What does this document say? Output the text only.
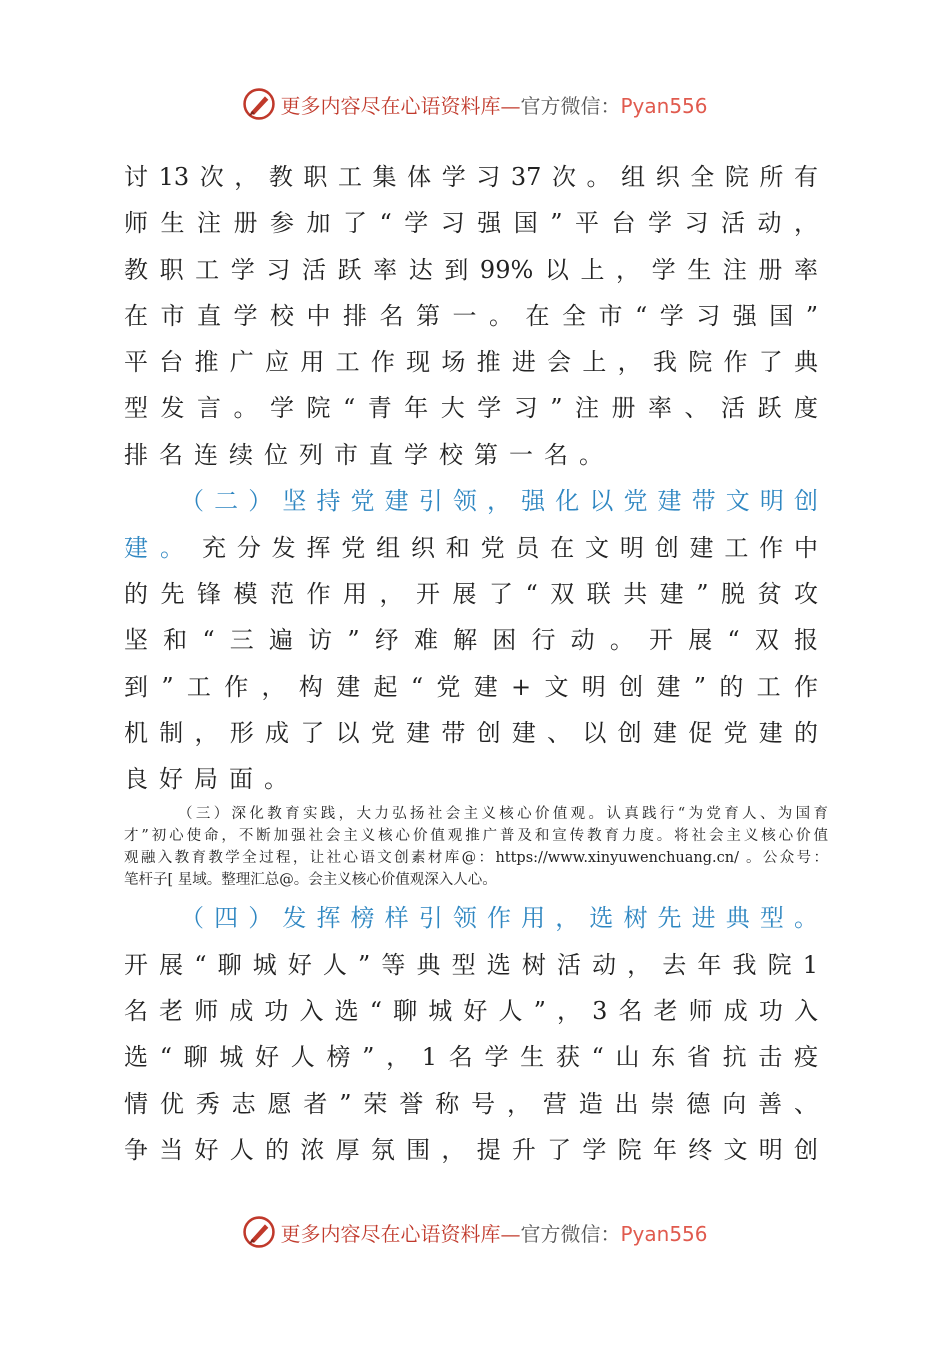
更多内容尽在心语资料库—官方微信：Pyan556
讨13次，教职工集体学习37次。组织全院所有
师生注册参加了“学习强国”平台学习活动，
教职工学习活跃率达到99%以上，学生注册率
在市直学校中排名第一。在全市“学习强国”
平台推广应用工作现场推进会上，我院作了典
型发言。学院“青年大学习”注册率、活跃度
排名连续位列市直学校第一名。
（二）坚持党建引领，强化以党建带文明创
建。 充分发挥党组织和党员在文明创建工作中
的先锋模范作用，开展了“双联共建”脱贫攻
坚和“三遍访”纾难解困行动。开展“双报
到”工作，构建起“党建+文明创建”的工作
机制，形成了以党建带创建、以创建促党建的
良好局面。
（三）深化教育实践，大力弘扬社会主义核心价值观。认真践行“为党育人、为国育
才”初心使命，不断加强社会主义核心价值观推广普及和宣传教育力度。将社会主义核心价值
观融入教育教学全过程，让社心语文创素材库@：https://www.xinyuwenchuang.cn/ 。公众号：
笔杆子[ 星域。整理汇总@。会主义核心价值观深入人心。
（四）发挥榜样引领作用，选树先进典型。
开展“聊城好人”等典型选树活动，去年我院1
名老师成功入选“聊城好人”，3名老师成功入
选“聊城好人榜”，1名学生获“山东省抗击疫
情优秀志愿者”荣誉称号，营造出崇德向善、
争当好人的浓厚氛围，提升了学院年终文明创
更多内容尽在心语资料库—官方微信：Pyan556
